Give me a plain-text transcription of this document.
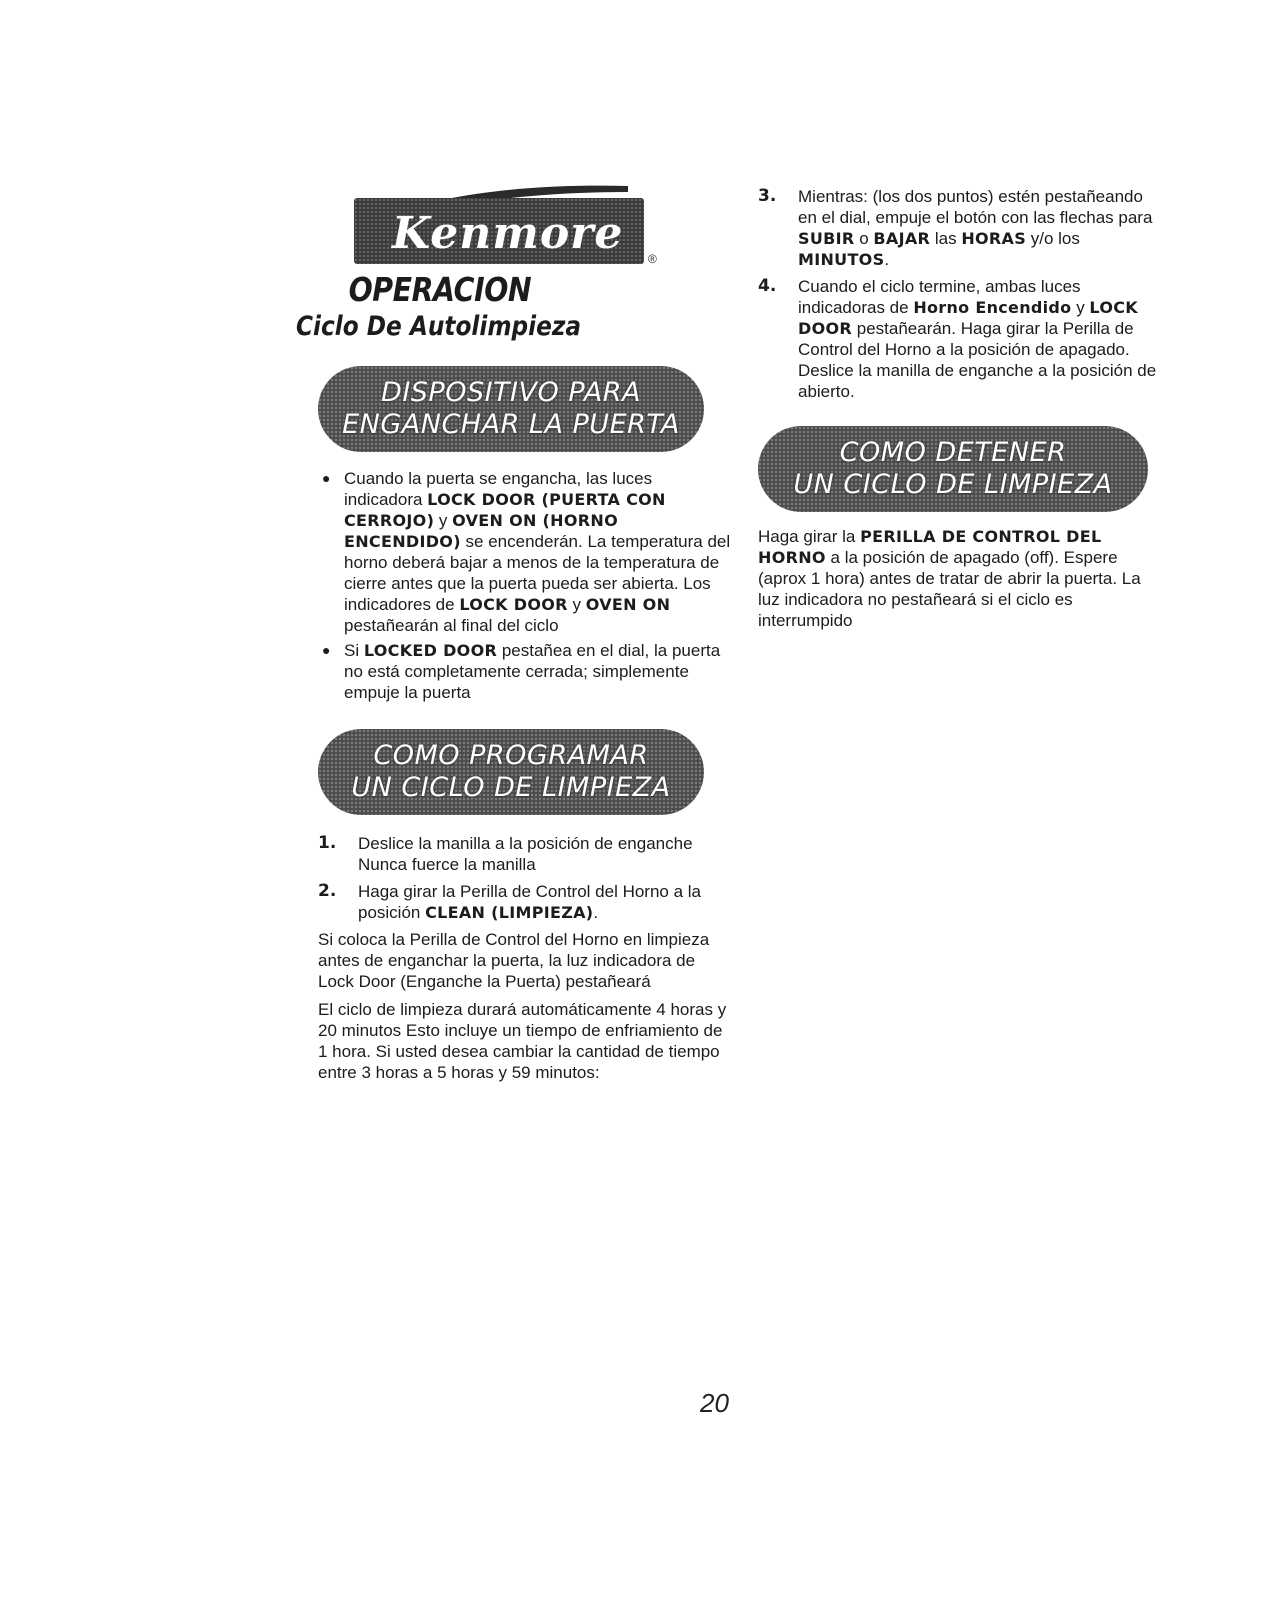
Kenmore ®
OPERACION
Ciclo De Autolimpieza
DISPOSITIVO PARA
ENGANCHAR LA PUERTA
● Cuando la puerta se engancha, las luces indicadora LOCK DOOR (PUERTA CON CERROJO) y OVEN ON (HORNO ENCENDIDO) se encenderán. La temperatura del horno deberá bajar a menos de la temperatura de cierre antes que la puerta pueda ser abierta. Los indicadores de LOCK DOOR y OVEN ON pestañearán al final del ciclo
● Si LOCKED DOOR pestañea en el dial, la puerta no está completamente cerrada; simplemente empuje la puerta
COMO PROGRAMAR
UN CICLO DE LIMPIEZA
1.	Deslice la manilla a la posición de enganche Nunca fuerce la manilla
2.	Haga girar la Perilla de Control del Horno a la posición CLEAN (LIMPIEZA).

Si coloca la Perilla de Control del Horno en limpieza antes de enganchar la puerta, la luz indicadora de Lock Door (Enganche la Puerta) pestañeará

El ciclo de limpieza durará automáticamente 4 horas y 20 minutos Esto incluye un tiempo de enfriamiento de 1 hora. Si usted desea cambiar la cantidad de tiempo entre 3 horas a 5 horas y 59 minutos:

3.	Mientras: (los dos puntos) estén pestañeando en el dial, empuje el botón con las flechas para SUBIR o BAJAR las HORAS y/o los MINUTOS.
4.	Cuando el ciclo termine, ambas luces indicadoras de Horno Encendido y LOCK DOOR pestañearán. Haga girar la Perilla de Control del Horno a la posición de apagado. Deslice la manilla de enganche a la posición de abierto.
COMO DETENER
UN CICLO DE LIMPIEZA

Haga girar la PERILLA DE CONTROL DEL HORNO a la posición de apagado (off). Espere (aprox 1 hora) antes de tratar de abrir la puerta. La luz indicadora no pestañeará si el ciclo es interrumpido

20
